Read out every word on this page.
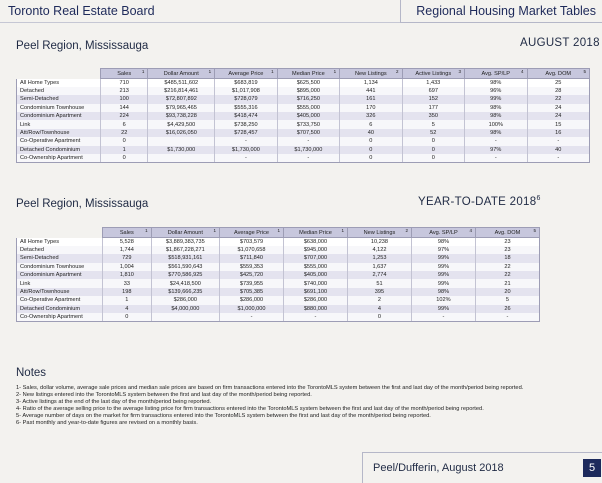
Toronto Real Estate Board	Regional Housing Market Tables
Peel Region, Mississauga	AUGUST 2018
	Sales 1	Dollar Amount 1	Average Price 1	Median Price 1	New Listings 2	Active Listings 3	Avg. SP/LP 4	Avg. DOM 5

All Home Types	710	$485,511,602	$683,819	$625,500	1,134	1,433	98%	25
Detached	213	$216,814,461	$1,017,908	$895,000	441	697	96%	28
Semi-Detached	100	$72,807,892	$728,079	$716,250	161	152	99%	22
Condominium Townhouse	144	$79,965,465	$555,316	$555,000	170	177	98%	24
Condominium Apartment	224	$93,738,228	$418,474	$405,000	326	350	98%	24
Link	6	$4,429,500	$738,250	$733,750	6	5	100%	15
Att/Row/Townhouse	22	$16,026,050	$728,457	$707,500	40	52	98%	16
Co-Operative Apartment	0		-	-	0	0	-	-
Detached Condominium	1	$1,730,000	$1,730,000	$1,730,000	0	0	97%	40
Co-Ownership Apartment	0		-	-	0	0	-	-
Peel Region, Mississauga	YEAR-TO-DATE 2018$^6$
	Sales 1	Dollar Amount 1	Average Price 1	Median Price 1	New Listings 2	Avg. SP/LP 4	Avg. DOM 5

All Home Types	5,528	$3,889,383,735	$703,579	$638,000	10,238	98%	23
Detached	1,744	$1,867,228,271	$1,070,658	$945,000	4,122	97%	23
Semi-Detached	729	$518,931,161	$711,840	$707,000	1,253	99%	18
Condominium Townhouse	1,004	$561,590,643	$559,353	$555,000	1,637	99%	22
Condominium Apartment	1,810	$770,586,925	$425,720	$405,000	2,774	99%	22
Link	33	$24,418,500	$739,955	$740,000	51	99%	21
Att/Row/Townhouse	198	$139,666,235	$705,385	$691,100	395	98%	20
Co-Operative Apartment	1	$286,000	$286,000	$286,000	2	102%	5
Detached Condominium	4	$4,000,000	$1,000,000	$880,000	4	99%	26
Co-Ownership Apartment	0		-	-	0	-	-
Notes

1- Sales, dollar volume, average sale prices and median sale prices are based on firm transactions entered into the TorontoMLS system between the first and last day of the month/period being reported.

2- New listings entered into the TorontoMLS system between the first and last day of the month/period being reported.

3- Active listings at the end of the last day of the month/period being reported.

4- Ratio of the average selling price to the average listing price for firm transactions entered into the TorontoMLS system between the first and last day of the month/period being reported.

5- Average number of days on the market for firm transactions entered into the TorontoMLS system between the first and last day of the month/period being reported.

6- Past monthly and year-to-date figures are revised on a monthly basis.

Peel/Dufferin, August 2018	5
